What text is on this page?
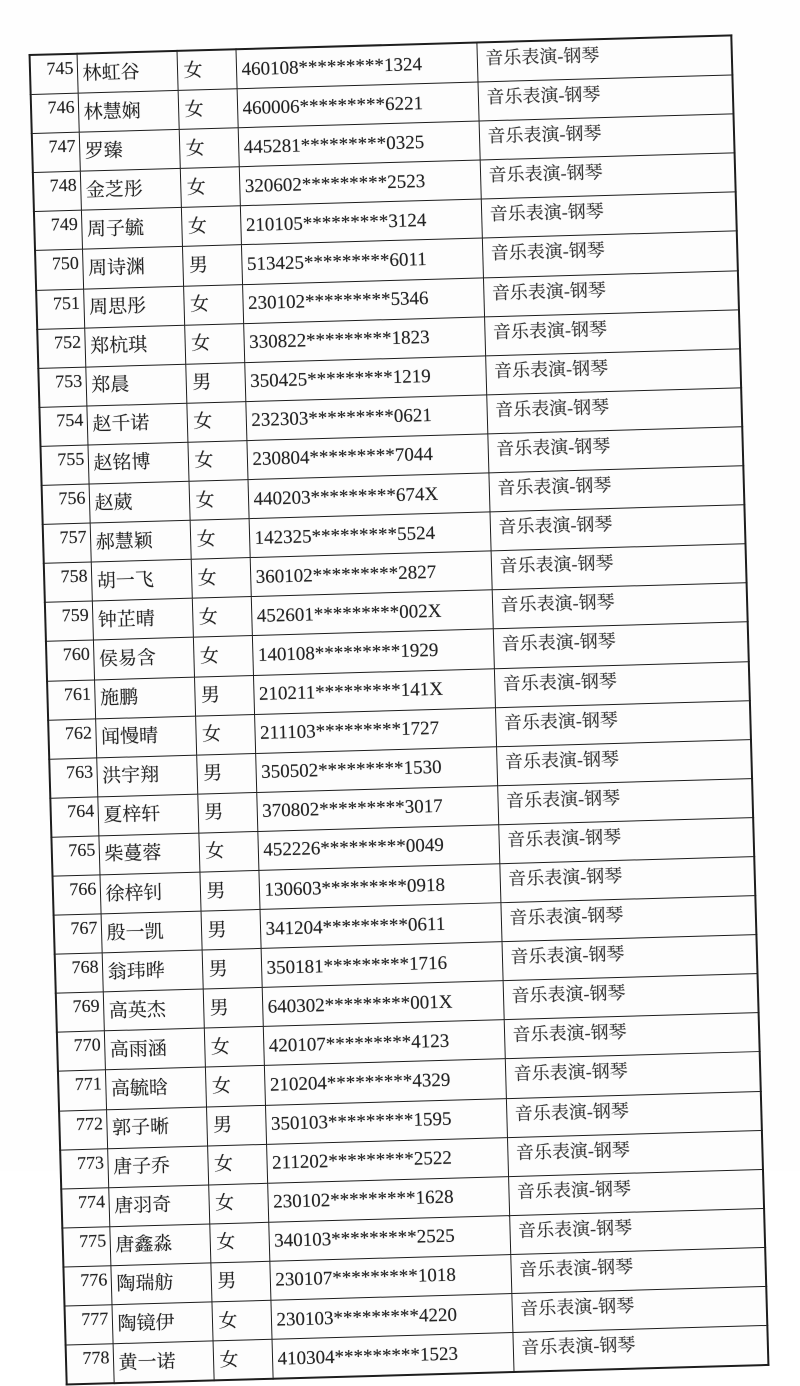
745	林虹谷	女	460108*********1324	音乐表演-钢琴
746	林慧娴	女	460006*********6221	音乐表演-钢琴
747	罗臻	女	445281*********0325	音乐表演-钢琴
748	金芝彤	女	320602*********2523	音乐表演-钢琴
749	周子毓	女	210105*********3124	音乐表演-钢琴
750	周诗渊	男	513425*********6011	音乐表演-钢琴
751	周思彤	女	230102*********5346	音乐表演-钢琴
752	郑杭琪	女	330822*********1823	音乐表演-钢琴
753	郑晨	男	350425*********1219	音乐表演-钢琴
754	赵千诺	女	232303*********0621	音乐表演-钢琴
755	赵铭博	女	230804*********7044	音乐表演-钢琴
756	赵葳	女	440203*********674X	音乐表演-钢琴
757	郝慧颖	女	142325*********5524	音乐表演-钢琴
758	胡一飞	女	360102*********2827	音乐表演-钢琴
759	钟芷晴	女	452601*********002X	音乐表演-钢琴
760	侯易含	女	140108*********1929	音乐表演-钢琴
761	施鹏	男	210211*********141X	音乐表演-钢琴
762	闻慢晴	女	211103*********1727	音乐表演-钢琴
763	洪宇翔	男	350502*********1530	音乐表演-钢琴
764	夏梓轩	男	370802*********3017	音乐表演-钢琴
765	柴蔓蓉	女	452226*********0049	音乐表演-钢琴
766	徐梓钊	男	130603*********0918	音乐表演-钢琴
767	殷一凯	男	341204*********0611	音乐表演-钢琴
768	翁玮晔	男	350181*********1716	音乐表演-钢琴
769	高英杰	男	640302*********001X	音乐表演-钢琴
770	高雨涵	女	420107*********4123	音乐表演-钢琴
771	高毓晗	女	210204*********4329	音乐表演-钢琴
772	郭子晰	男	350103*********1595	音乐表演-钢琴
773	唐子乔	女	211202*********2522	音乐表演-钢琴
774	唐羽奇	女	230102*********1628	音乐表演-钢琴
775	唐鑫淼	女	340103*********2525	音乐表演-钢琴
776	陶瑞舫	男	230107*********1018	音乐表演-钢琴
777	陶镜伊	女	230103*********4220	音乐表演-钢琴
778	黄一诺	女	410304*********1523	音乐表演-钢琴
